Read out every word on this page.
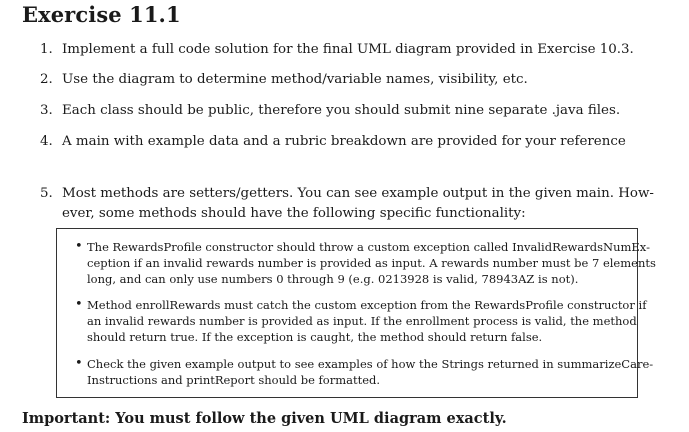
Exercise 11.1
1. Implement a full code solution for the final UML diagram provided in Exercise 10.3.
2. Use the diagram to determine method/variable names, visibility, etc.
3. Each class should be public, therefore you should submit nine separate .java files.
4. A main with example data and a rubric breakdown are provided for your reference
5. Most methods are setters/getters. You can see example output in the given main. How-
ever, some methods should have the following specific functionality:
• The RewardsProfile constructor should throw a custom exception called InvalidRewardsNumEx-
ception if an invalid rewards number is provided as input. A rewards number must be 7 elements
long, and can only use numbers 0 through 9 (e.g. 0213928 is valid, 78943AZ is not).
• Method enrollRewards must catch the custom exception from the RewardsProfile constructor if
an invalid rewards number is provided as input. If the enrollment process is valid, the method
should return true. If the exception is caught, the method should return false.
• Check the given example output to see examples of how the Strings returned in summarizeCare-
Instructions and printReport should be formatted.
Important: You must follow the given UML diagram exactly.
